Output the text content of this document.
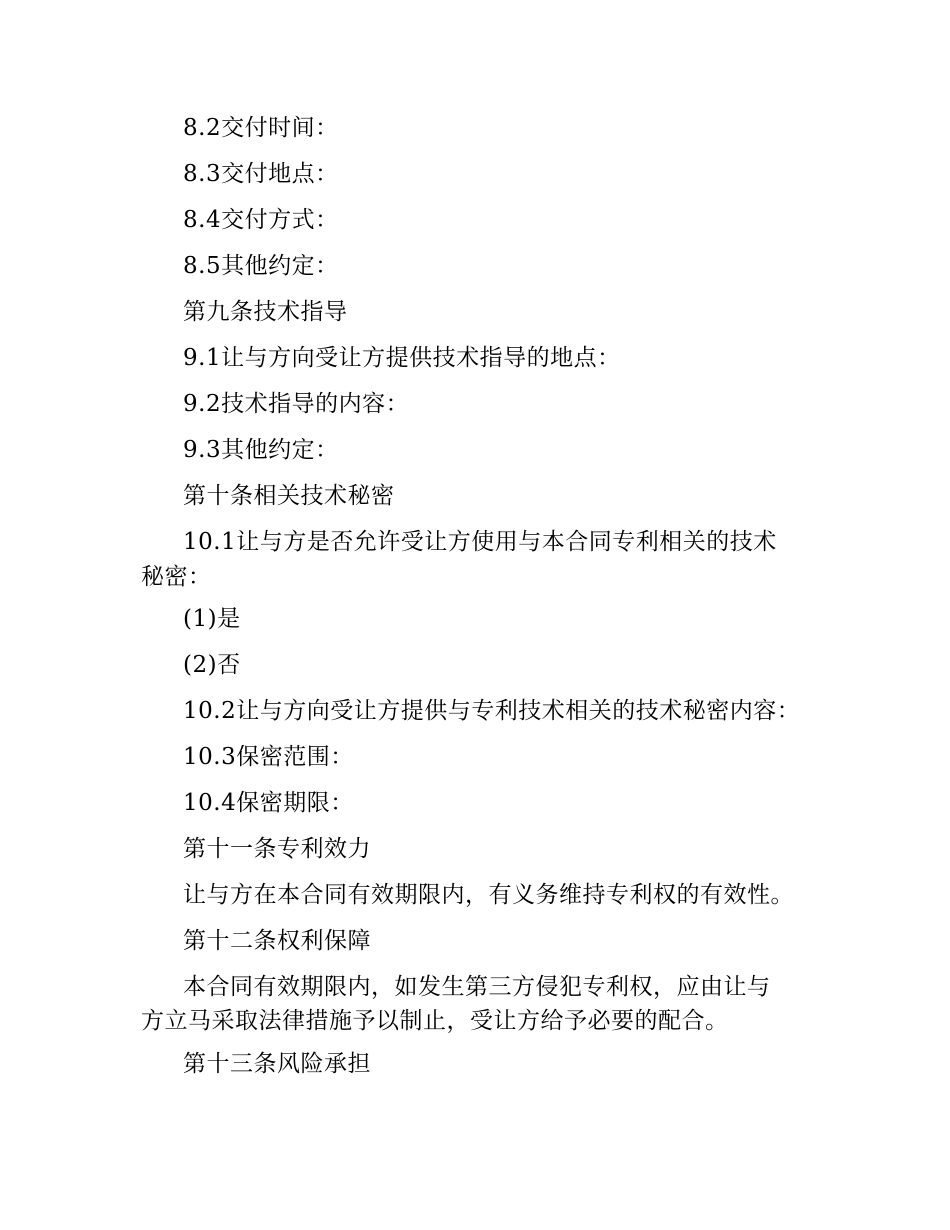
8.2交付时间：
8.3交付地点：
8.4交付方式：
8.5其他约定：
第九条技术指导
9.1让与方向受让方提供技术指导的地点：
9.2技术指导的内容：
9.3其他约定：
第十条相关技术秘密
10.1让与方是否允许受让方使用与本合同专利相关的技术
秘密：
(1)是
(2)否
10.2让与方向受让方提供与专利技术相关的技术秘密内容：
10.3保密范围：
10.4保密期限：
第十一条专利效力
让与方在本合同有效期限内，有义务维持专利权的有效性。
第十二条权利保障
本合同有效期限内，如发生第三方侵犯专利权，应由让与
方立马采取法律措施予以制止，受让方给予必要的配合。
第十三条风险承担
